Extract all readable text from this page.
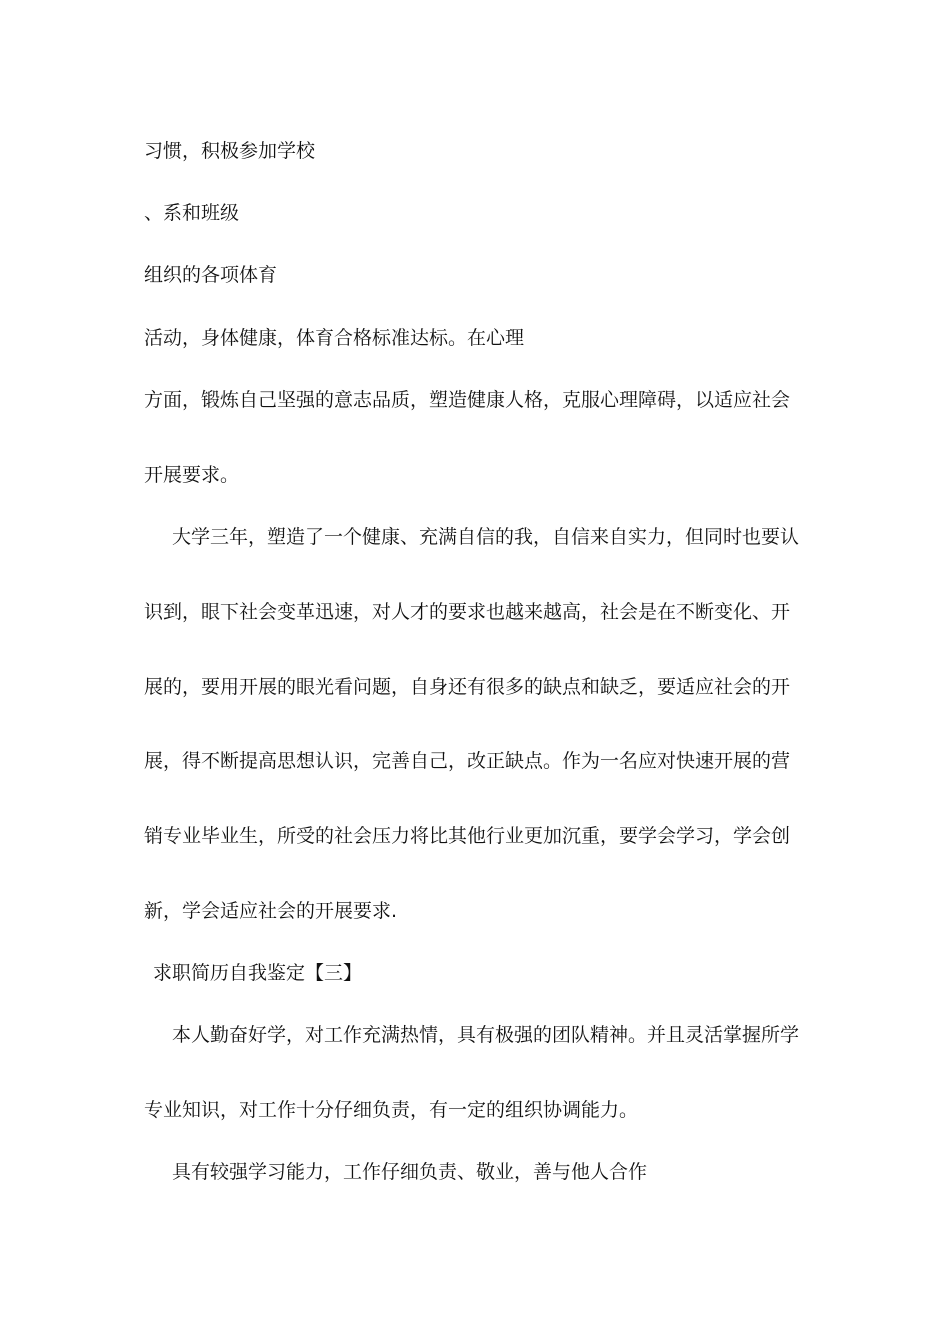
习惯，积极参加学校
、系和班级
组织的各项体育
活动，身体健康，体育合格标准达标。在心理
方面，锻炼自己坚强的意志品质，塑造健康人格，克服心理障碍，以适应社会
开展要求。
大学三年，塑造了一个健康、充满自信的我，自信来自实力，但同时也要认
识到，眼下社会变革迅速，对人才的要求也越来越高，社会是在不断变化、开
展的，要用开展的眼光看问题，自身还有很多的缺点和缺乏，要适应社会的开
展，得不断提高思想认识，完善自己，改正缺点。作为一名应对快速开展的营
销专业毕业生，所受的社会压力将比其他行业更加沉重，要学会学习，学会创
新，学会适应社会的开展要求.
求职简历自我鉴定【三】
本人勤奋好学，对工作充满热情，具有极强的团队精神。并且灵活掌握所学
专业知识，对工作十分仔细负责，有一定的组织协调能力。
具有较强学习能力，工作仔细负责、敬业，善与他人合作
